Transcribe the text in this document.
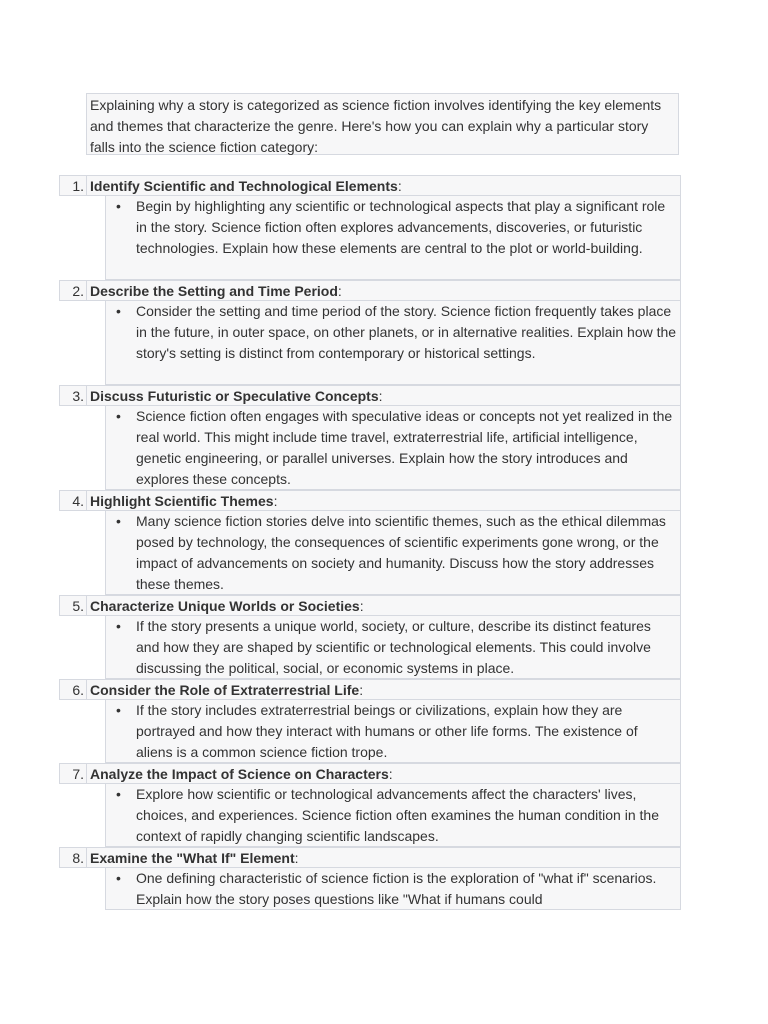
Explaining why a story is categorized as science fiction involves identifying the key elements and themes that characterize the genre. Here's how you can explain why a particular story falls into the science fiction category:
1. Identify Scientific and Technological Elements:
• Begin by highlighting any scientific or technological aspects that play a significant role in the story. Science fiction often explores advancements, discoveries, or futuristic technologies. Explain how these elements are central to the plot or world-building.
2. Describe the Setting and Time Period:
• Consider the setting and time period of the story. Science fiction frequently takes place in the future, in outer space, on other planets, or in alternative realities. Explain how the story's setting is distinct from contemporary or historical settings.
3. Discuss Futuristic or Speculative Concepts:
• Science fiction often engages with speculative ideas or concepts not yet realized in the real world. This might include time travel, extraterrestrial life, artificial intelligence, genetic engineering, or parallel universes. Explain how the story introduces and explores these concepts.
4. Highlight Scientific Themes:
• Many science fiction stories delve into scientific themes, such as the ethical dilemmas posed by technology, the consequences of scientific experiments gone wrong, or the impact of advancements on society and humanity. Discuss how the story addresses these themes.
5. Characterize Unique Worlds or Societies:
• If the story presents a unique world, society, or culture, describe its distinct features and how they are shaped by scientific or technological elements. This could involve discussing the political, social, or economic systems in place.
6. Consider the Role of Extraterrestrial Life:
• If the story includes extraterrestrial beings or civilizations, explain how they are portrayed and how they interact with humans or other life forms. The existence of aliens is a common science fiction trope.
7. Analyze the Impact of Science on Characters:
• Explore how scientific or technological advancements affect the characters' lives, choices, and experiences. Science fiction often examines the human condition in the context of rapidly changing scientific landscapes.
8. Examine the "What If" Element:
• One defining characteristic of science fiction is the exploration of "what if" scenarios. Explain how the story poses questions like "What if humans could
